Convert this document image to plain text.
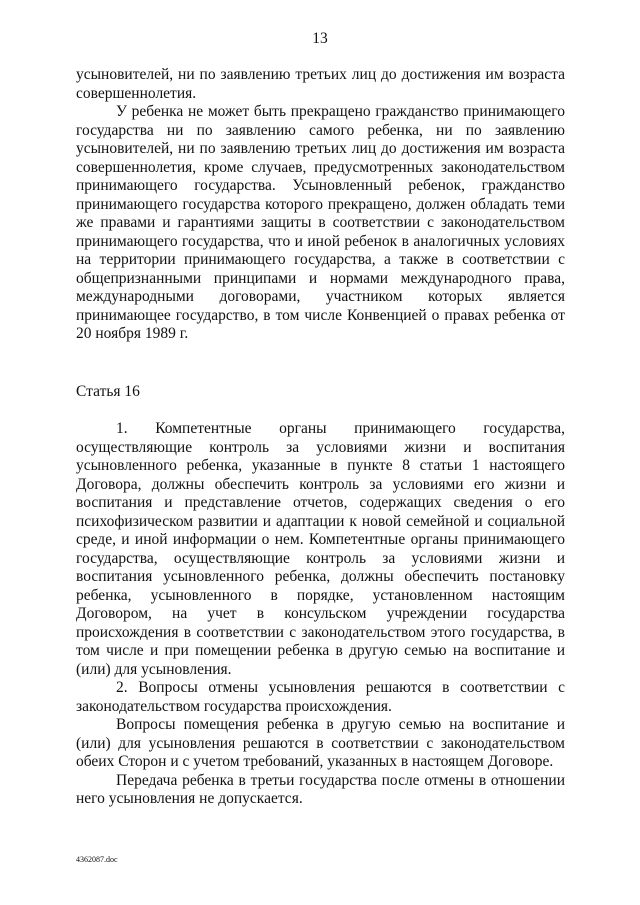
13

усыновителей, ни по заявлению третьих лиц до достижения им возраста совершеннолетия.

У ребенка не может быть прекращено гражданство принимающего государства ни по заявлению самого ребенка, ни по заявлению усыновителей, ни по заявлению третьих лиц до достижения им возраста совершеннолетия, кроме случаев, предусмотренных законодательством принимающего государства. Усыновленный ребенок, гражданство принимающего государства которого прекращено, должен обладать теми же правами и гарантиями защиты в соответствии с законодательством принимающего государства, что и иной ребенок в аналогичных условиях на территории принимающего государства, а также в соответствии с общепризнанными принципами и нормами международного права, международными договорами, участником которых является принимающее государство, в том числе Конвенцией о правах ребенка от 20 ноября 1989 г.

Статья 16

1. Компетентные органы принимающего государства, осуществляющие контроль за условиями жизни и воспитания усыновленного ребенка, указанные в пункте 8 статьи 1 настоящего Договора, должны обеспечить контроль за условиями его жизни и воспитания и представление отчетов, содержащих сведения о его психофизическом развитии и адаптации к новой семейной и социальной среде, и иной информации о нем. Компетентные органы принимающего государства, осуществляющие контроль за условиями жизни и воспитания усыновленного ребенка, должны обеспечить постановку ребенка, усыновленного в порядке, установленном настоящим Договором, на учет в консульском учреждении государства происхождения в соответствии с законодательством этого государства, в том числе и при помещении ребенка в другую семью на воспитание и (или) для усыновления.

2. Вопросы отмены усыновления решаются в соответствии с законодательством государства происхождения.

Вопросы помещения ребенка в другую семью на воспитание и (или) для усыновления решаются в соответствии с законодательством обеих Сторон и с учетом требований, указанных в настоящем Договоре.

Передача ребенка в третьи государства после отмены в отношении него усыновления не допускается.

4362087.doc
